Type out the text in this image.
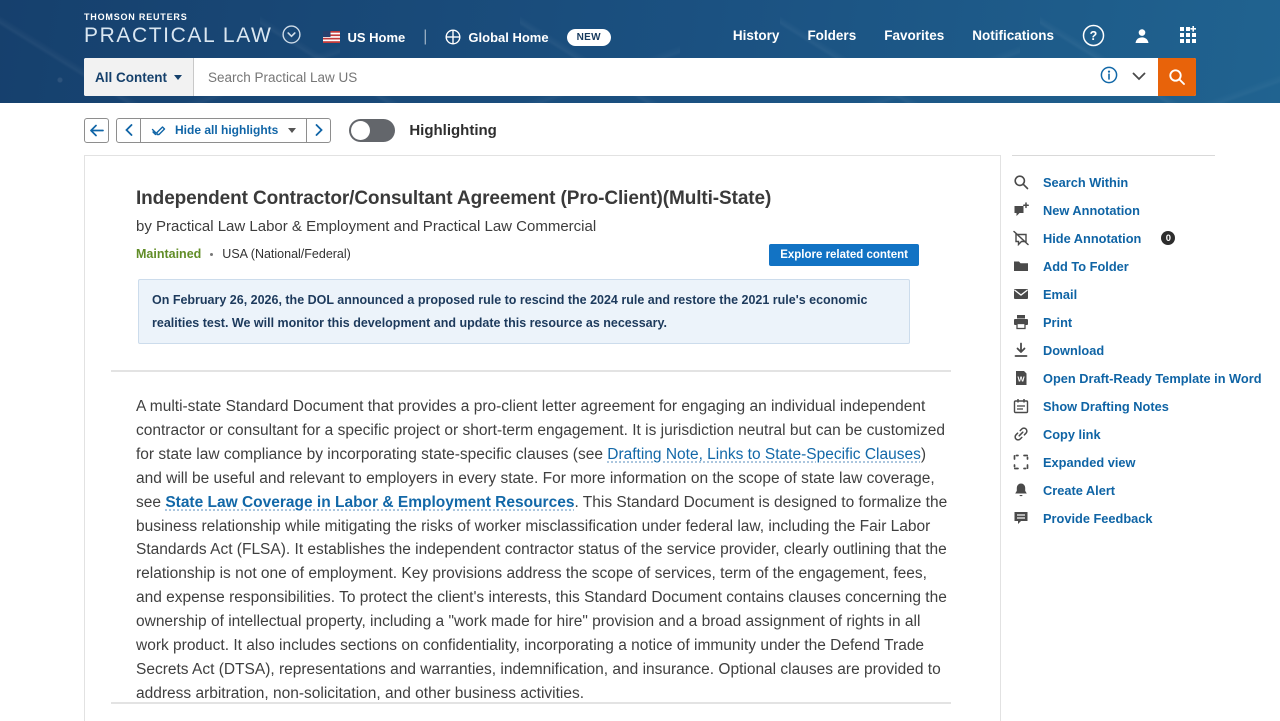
THOMSON REUTERS
PRACTICAL LAW	US Home |	Global Home	NEW	History Folders Favorites Notifications	?
All Content
Search Practical Law US
Hide all highlights	Highlighting
Independent Contractor/Consultant Agreement (Pro-Client)(Multi-State)
by Practical Law Labor & Employment and Practical Law Commercial
Maintained USA (National/Federal)	Explore related content
On February 26, 2026, the DOL announced a proposed rule to rescind the 2024 rule and restore the 2021 rule's economic realities test. We will monitor this development and update this resource as necessary.

A multi-state Standard Document that provides a pro-client letter agreement for engaging an individual independent contractor or consultant for a specific project or short-term engagement. It is jurisdiction neutral but can be customized for state law compliance by incorporating state-specific clauses (see Drafting Note, Links to State-Specific Clauses) and will be useful and relevant to employers in every state. For more information on the scope of state law coverage, see State Law Coverage in Labor & Employment Resources. This Standard Document is designed to formalize the business relationship while mitigating the risks of worker misclassification under federal law, including the Fair Labor Standards Act (FLSA). It establishes the independent contractor status of the service provider, clearly outlining that the relationship is not one of employment. Key provisions address the scope of services, term of the engagement, fees, and expense responsibilities. To protect the client's interests, this Standard Document contains clauses concerning the ownership of intellectual property, including a "work made for hire" provision and a broad assignment of rights in all work product. It also includes sections on confidentiality, incorporating a notice of immunity under the Defend Trade Secrets Act (DTSA), representations and warranties, indemnification, and insurance. Optional clauses are provided to address arbitration, non-solicitation, and other business activities.

Search Within
New Annotation
Hide Annotation	0
Add To Folder
Email
Print
Download
W Open Draft-Ready Template in Word
Show Drafting Notes
Copy link
Expanded view
Create Alert
Provide Feedback
